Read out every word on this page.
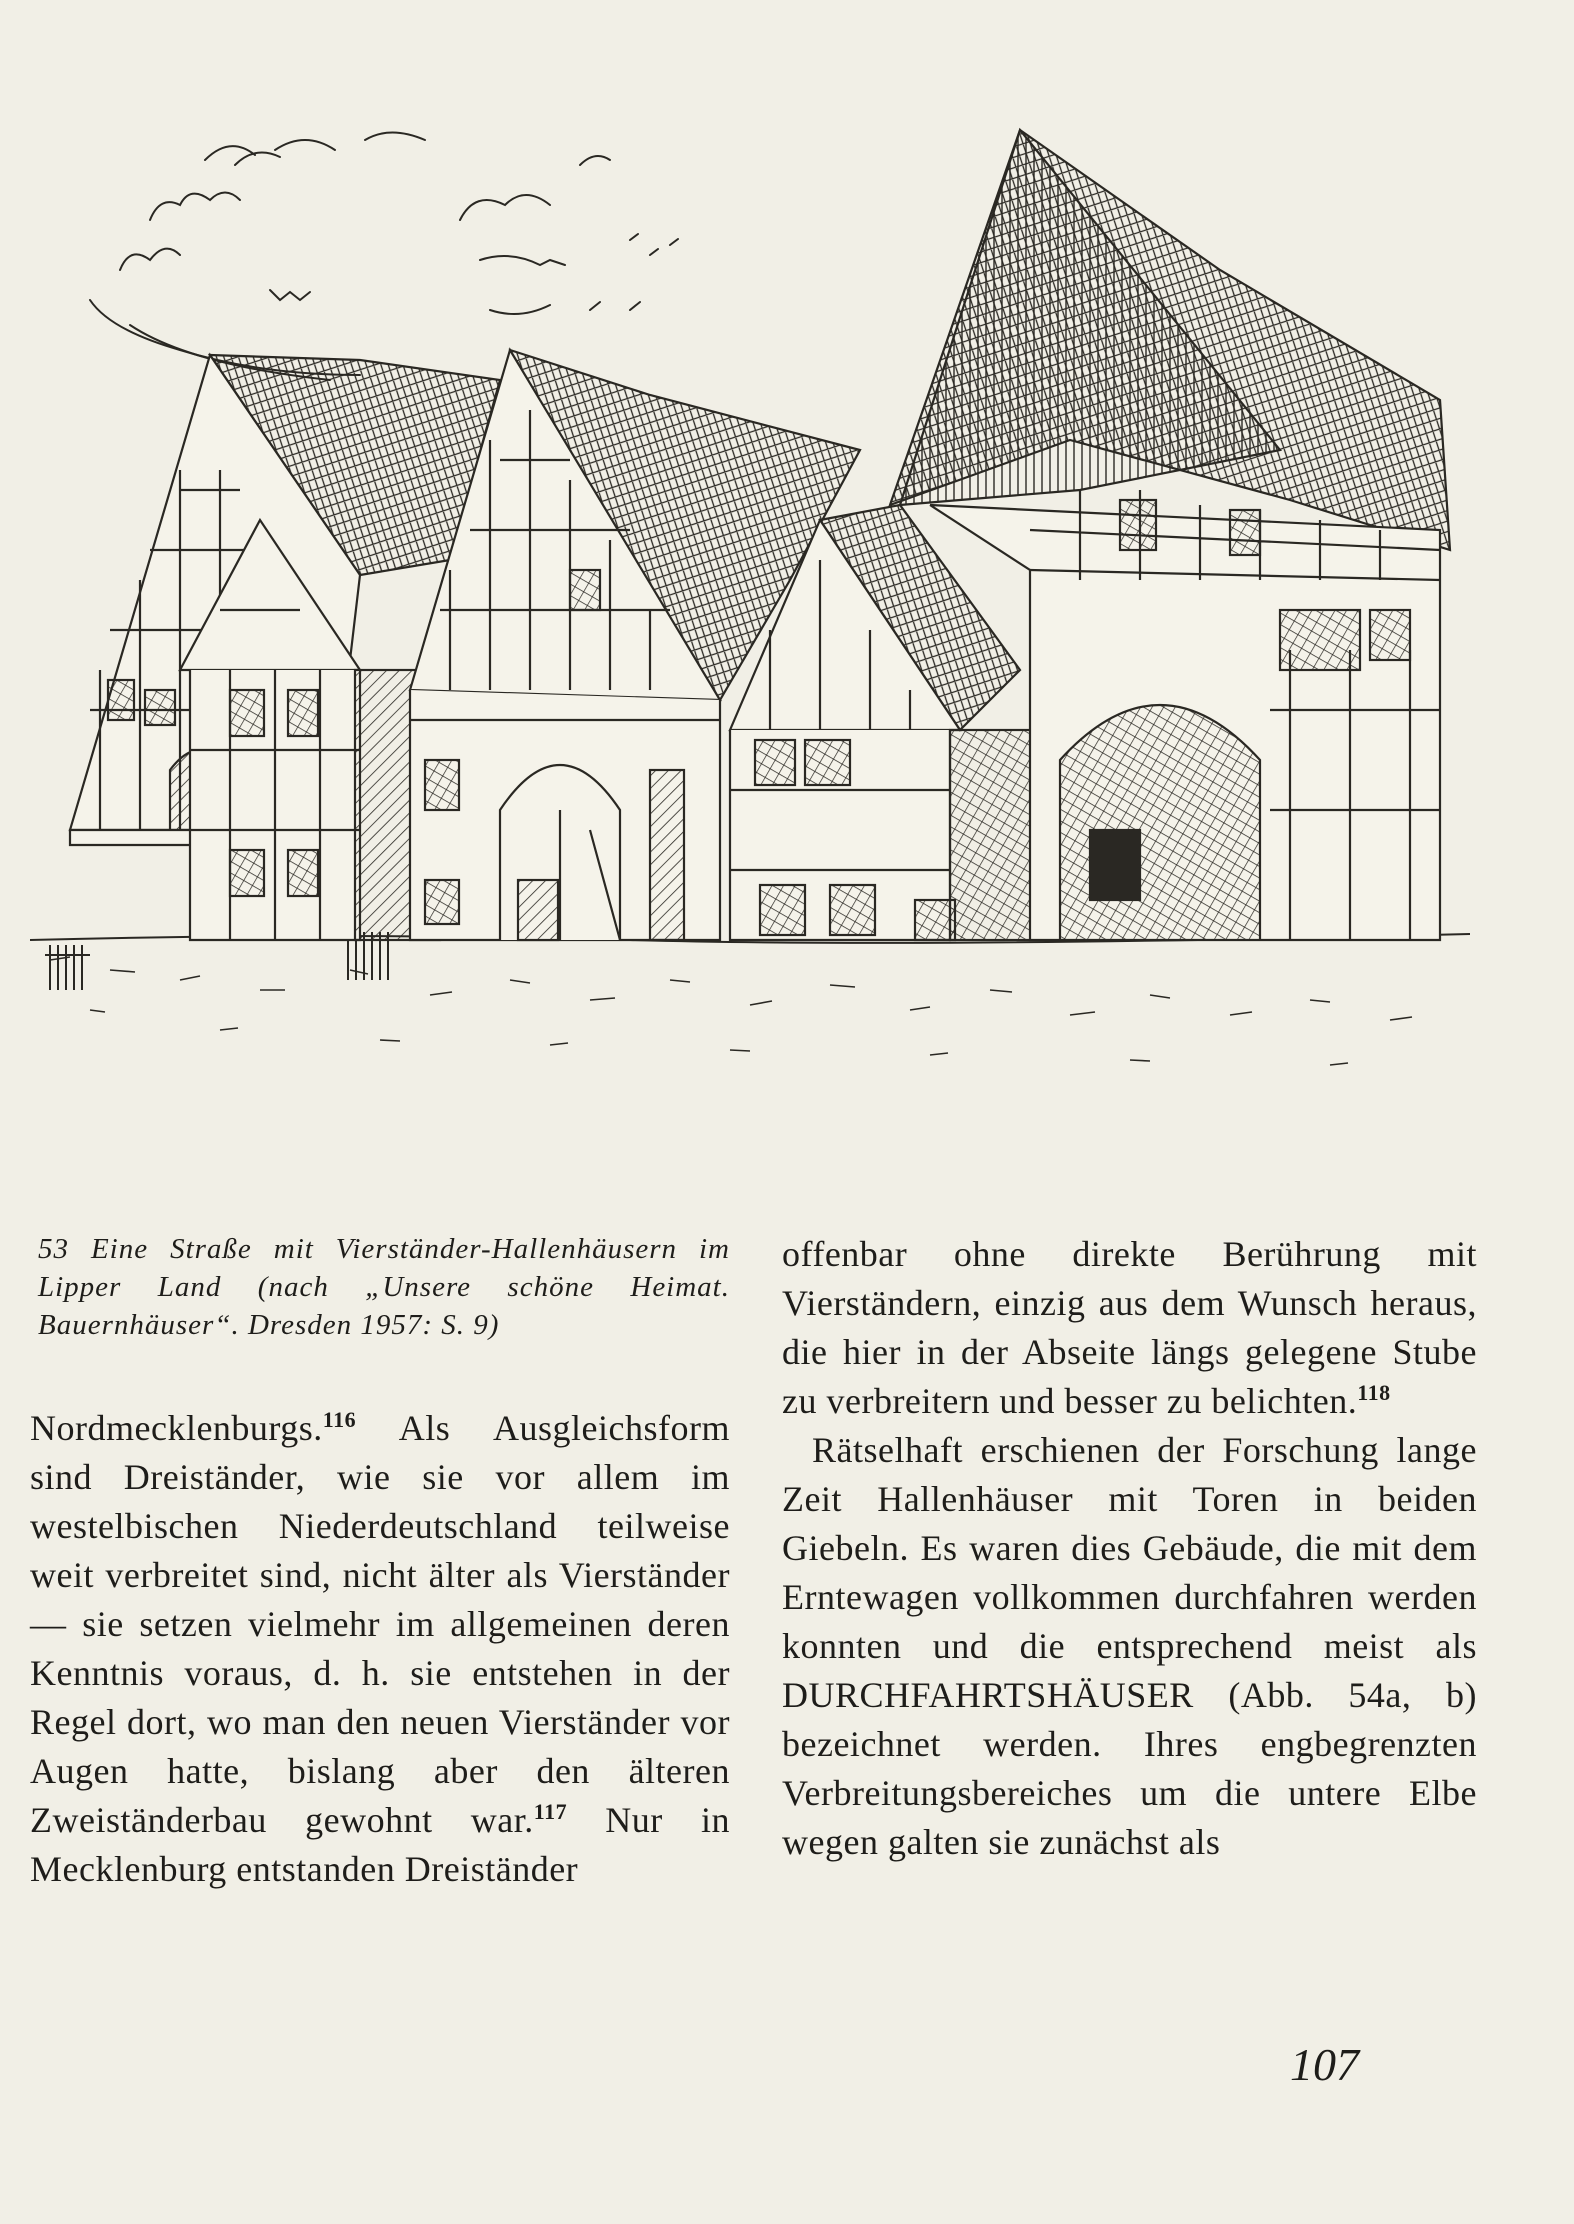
53 Eine Straße mit Vierständer-Hallenhäusern im Lipper Land (nach „Unsere schöne Heimat. Bauernhäuser“. Dresden 1957: S. 9)

Nordmecklenburgs.$^{116}$ Als Ausgleichsform sind Dreiständer, wie sie vor allem im westelbischen Niederdeutschland teilweise weit verbreitet sind, nicht älter als Vierständer — sie setzen vielmehr im allgemeinen deren Kenntnis voraus, d. h. sie entstehen in der Regel dort, wo man den neuen Vierständer vor Augen hatte, bislang aber den älteren Zweiständerbau gewohnt war.$^{117}$ Nur in Mecklenburg entstanden Dreiständer

offenbar ohne direkte Berührung mit Vierständern, einzig aus dem Wunsch heraus, die hier in der Abseite längs gelegene Stube zu verbreitern und besser zu belichten.$^{118}$

Rätselhaft erschienen der Forschung lange Zeit Hallenhäuser mit Toren in beiden Giebeln. Es waren dies Gebäude, die mit dem Erntewagen vollkommen durchfahren werden konnten und die entsprechend meist als DURCHFAHRTSHÄUSER (Abb. 54a, b) bezeichnet werden. Ihres engbegrenzten Verbreitungsbereiches um die untere Elbe wegen galten sie zunächst als

107
